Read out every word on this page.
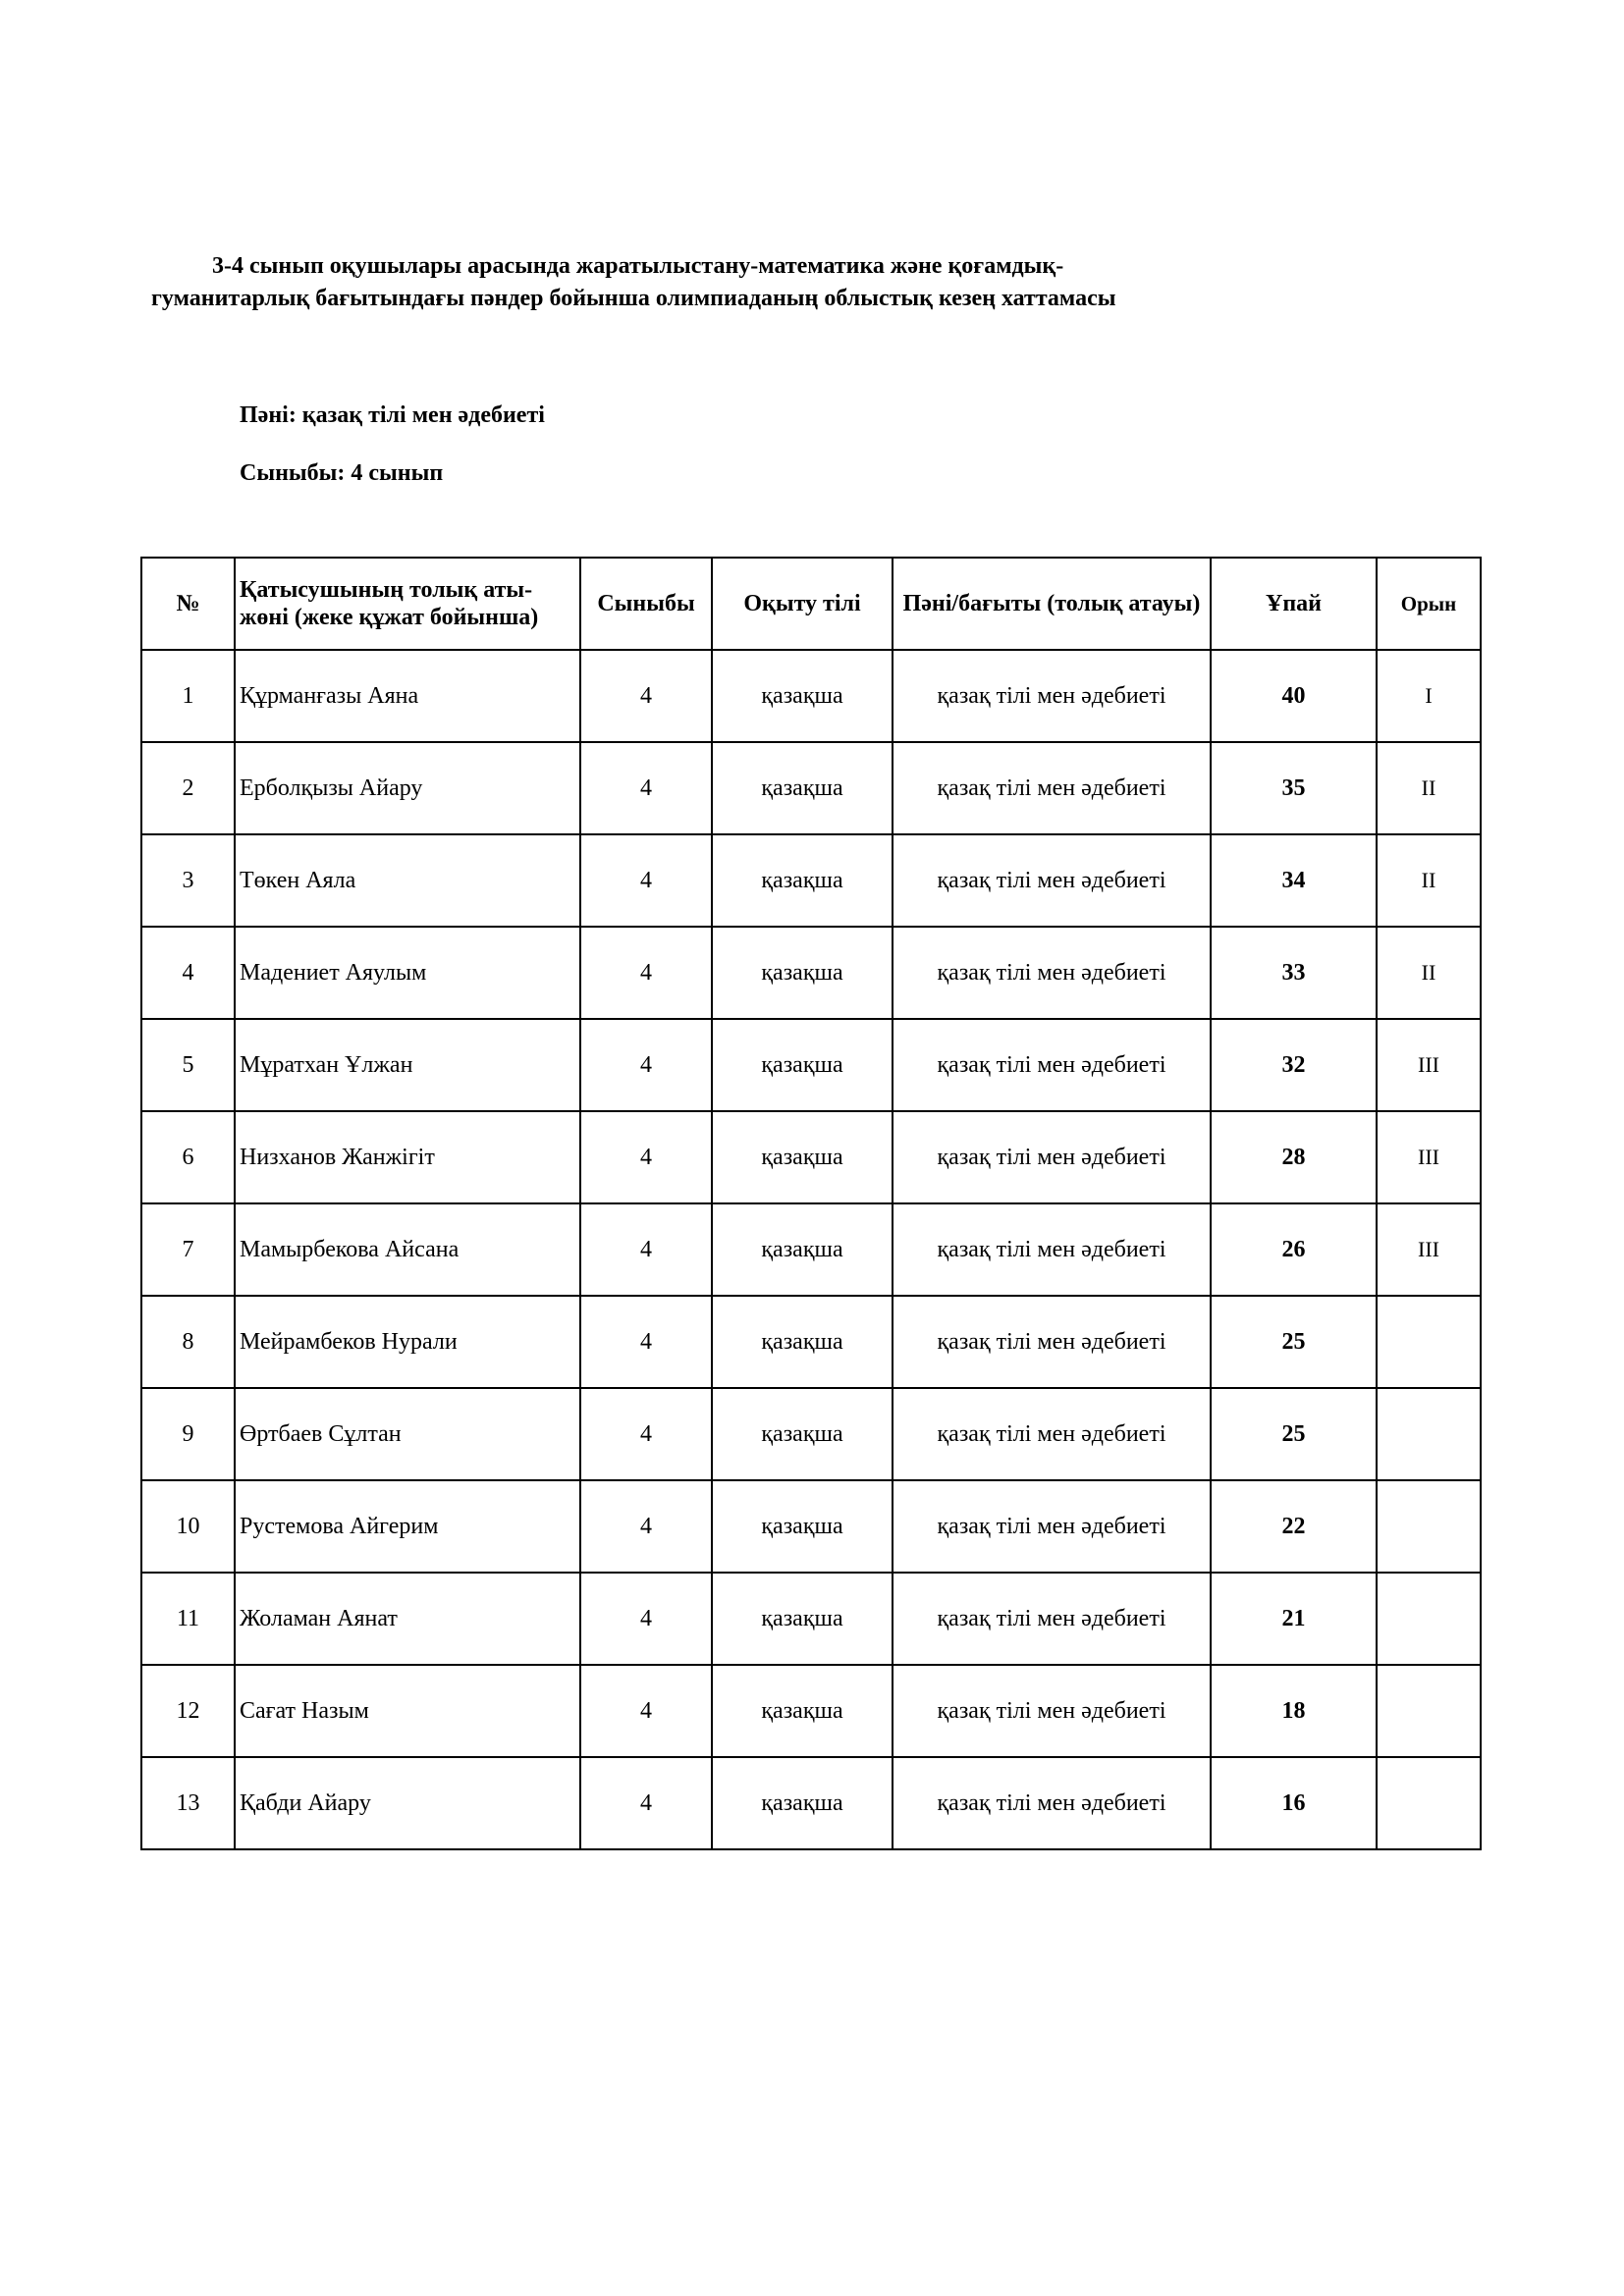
3-4 сынып оқушылары арасында жаратылыстану-математика және қоғамдық-
гуманитарлық бағытындағы пәндер бойынша олимпиаданың облыстық кезең хаттамасы
Пәні: қазақ тілі мен әдебиеті
Сыныбы: 4 сынып
№	Қатысушының толық аты-жөні (жеке құжат бойынша)	Сыныбы	Оқыту тілі	Пәні/бағыты (толық атауы)	Ұпай	Орын
1	Құрманғазы Аяна	4	қазақша	қазақ тілі мен әдебиеті	40	I
2	Ерболқызы Айару	4	қазақша	қазақ тілі мен әдебиеті	35	II
3	Төкен Аяла	4	қазақша	қазақ тілі мен әдебиеті	34	II
4	Мадениет Аяулым	4	қазақша	қазақ тілі мен әдебиеті	33	II
5	Мұратхан Ұлжан	4	қазақша	қазақ тілі мен әдебиеті	32	III
6	Низханов Жанжігіт	4	қазақша	қазақ тілі мен әдебиеті	28	III
7	Мамырбекова Айсана	4	қазақша	қазақ тілі мен әдебиеті	26	III
8	Мейрамбеков Нурали	4	қазақша	қазақ тілі мен әдебиеті	25	
9	Өртбаев Сұлтан	4	қазақша	қазақ тілі мен әдебиеті	25	
10	Рустемова Айгерим	4	қазақша	қазақ тілі мен әдебиеті	22	
11	Жоламан Аянат	4	қазақша	қазақ тілі мен әдебиеті	21	
12	Сағат Назым	4	қазақша	қазақ тілі мен әдебиеті	18	
13	Қабди Айару	4	қазақша	қазақ тілі мен әдебиеті	16	
